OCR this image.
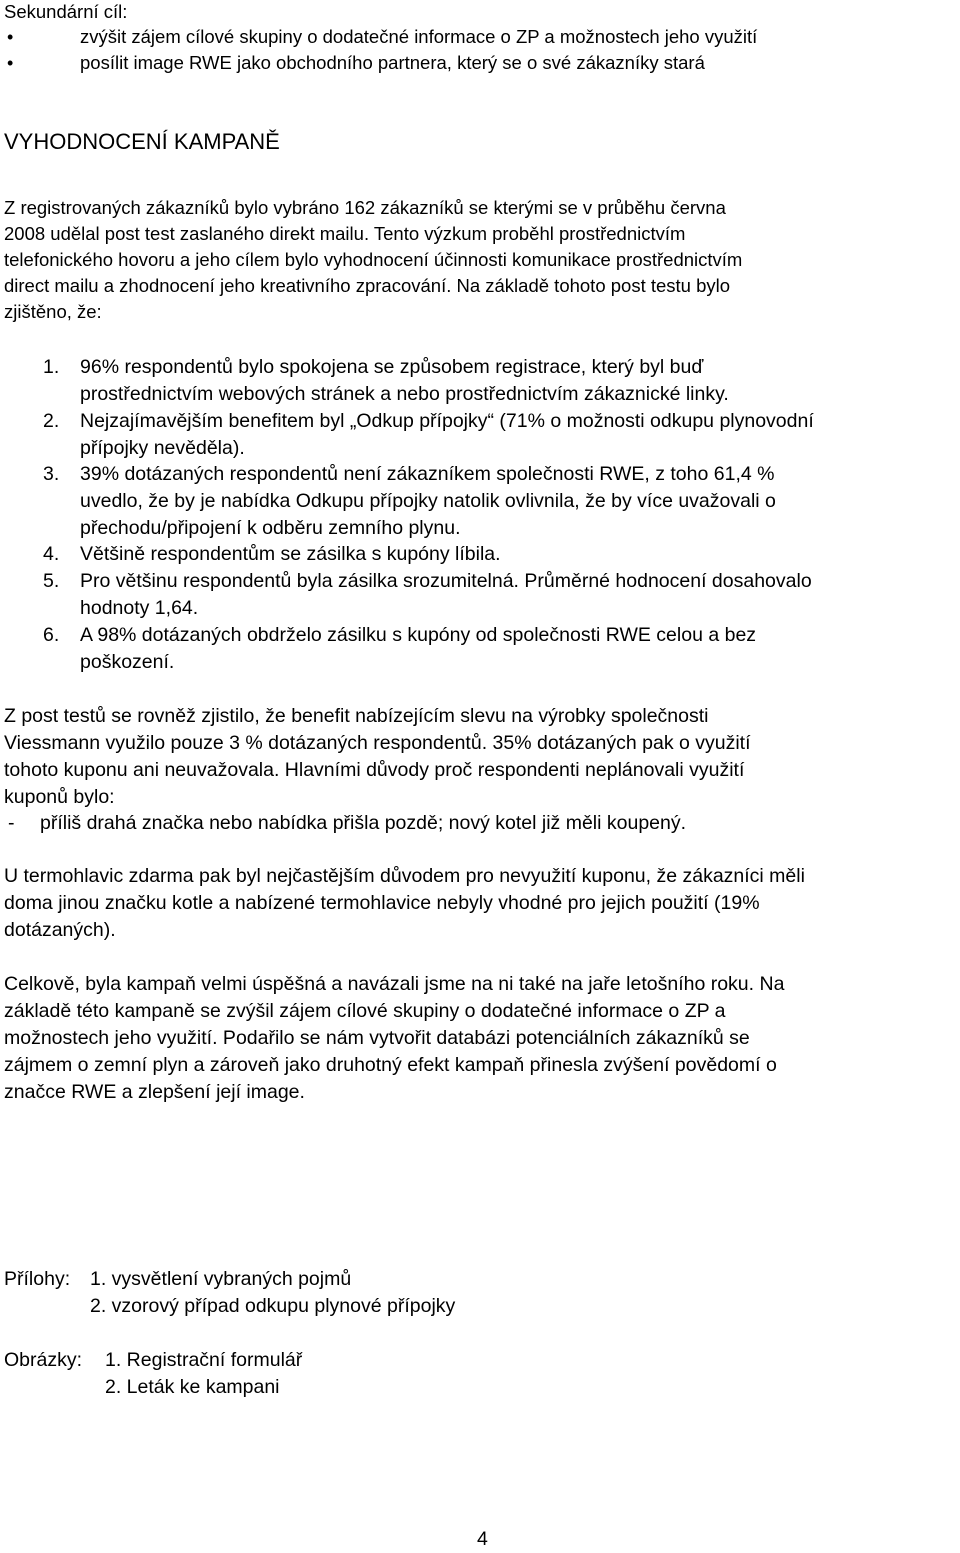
Sekundární cíl:
•	zvýšit zájem cílové skupiny o dodatečné informace o ZP a možnostech jeho využití
•	posílit image RWE jako obchodního partnera, který se o své zákazníky stará
VYHODNOCENÍ KAMPANĚ
Z registrovaných zákazníků bylo vybráno 162 zákazníků se kterými se v průběhu června
2008 udělal post test zaslaného direkt mailu. Tento výzkum proběhl prostřednictvím
telefonického hovoru a jeho cílem bylo vyhodnocení účinnosti komunikace prostřednictvím
direct mailu a zhodnocení jeho kreativního zpracování. Na základě tohoto post testu bylo
zjištěno, že:
1. 96% respondentů bylo spokojena se způsobem registrace, který byl buď
prostřednictvím webových stránek a nebo prostřednictvím zákaznické linky.
2. Nejzajímavějším benefitem byl „Odkup přípojky“ (71% o možnosti odkupu plynovodní
přípojky nevěděla).
3. 39% dotázaných respondentů není zákazníkem společnosti RWE, z toho 61,4 %
uvedlo, že by je nabídka Odkupu přípojky natolik ovlivnila, že by více uvažovali o
přechodu/připojení k odběru zemního plynu.
4. Většině respondentům se zásilka s kupóny líbila.
5. Pro většinu respondentů byla zásilka srozumitelná. Průměrné hodnocení dosahovalo
hodnoty 1,64.
6. A 98% dotázaných obdrželo zásilku s kupóny od společnosti RWE celou a bez
poškození.
Z post testů se rovněž zjistilo, že benefit nabízejícím slevu na výrobky společnosti
Viessmann využilo pouze 3 % dotázaných respondentů. 35% dotázaných pak o využití
tohoto kuponu ani neuvažovala. Hlavními důvody proč respondenti neplánovali využití
kuponů bylo:
- příliš drahá značka nebo nabídka přišla pozdě; nový kotel již měli koupený.
U termohlavic zdarma pak byl nejčastějším důvodem pro nevyužití kuponu, že zákazníci měli
doma jinou značku kotle a nabízené termohlavice nebyly vhodné pro jejich použití (19%
dotázaných).
Celkově, byla kampaň velmi úspěšná a navázali jsme na ni také na jaře letošního roku. Na
základě této kampaně se zvýšil zájem cílové skupiny o dodatečné informace o ZP a
možnostech jeho využití. Podařilo se nám vytvořit databázi potenciálních zákazníků se
zájmem o zemní plyn a zároveň jako druhotný efekt kampaň přinesla zvýšení povědomí o
značce RWE a zlepšení její image.
Přílohy: 1. vysvětlení vybraných pojmů
2. vzorový případ odkupu plynové přípojky
Obrázky: 1. Registrační formulář
2. Leták ke kampani
4
